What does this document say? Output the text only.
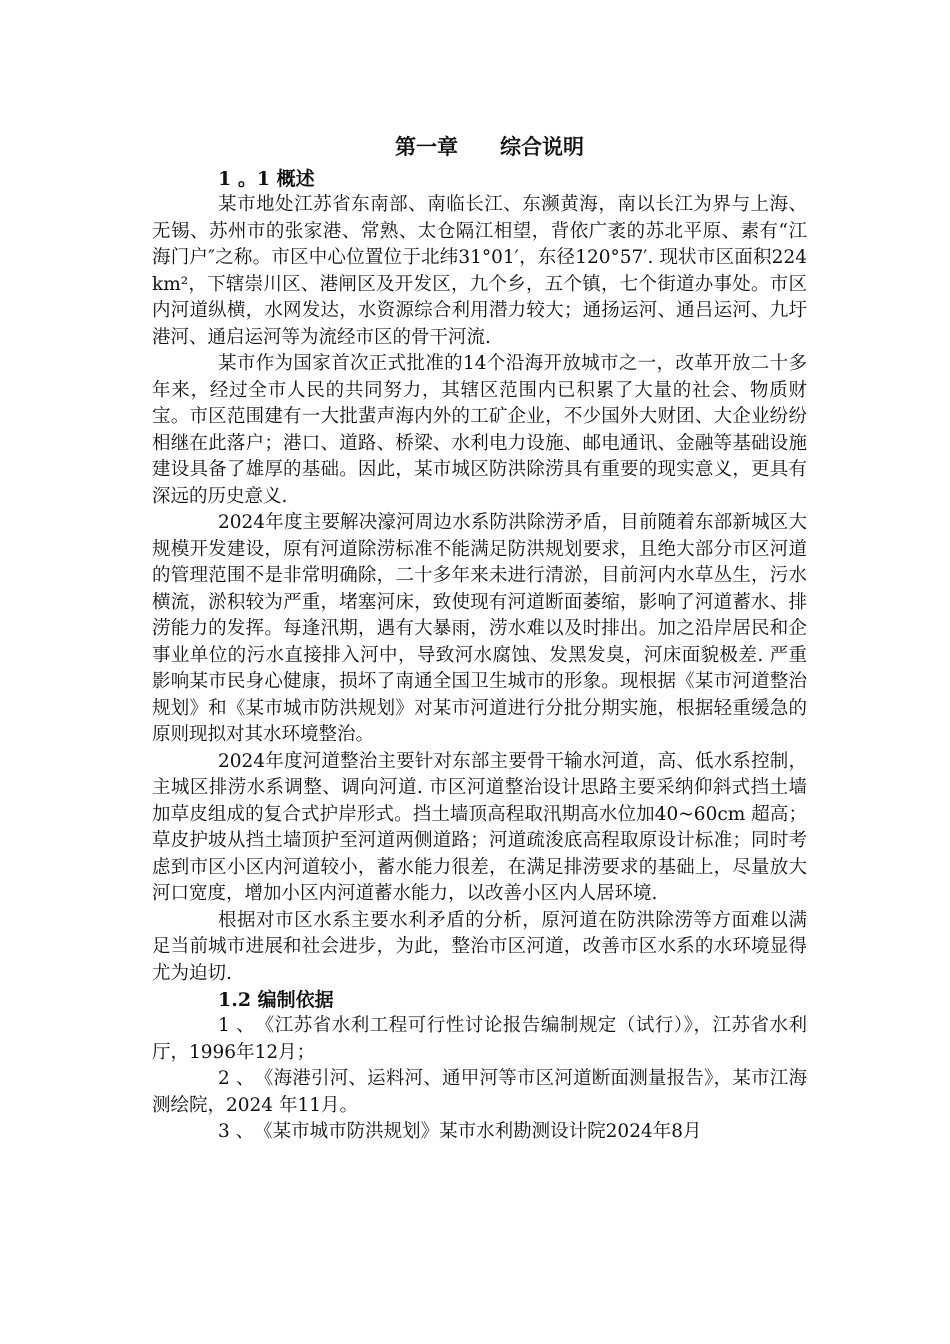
第一章　　综合说明
1 。1 概述

某市地处江苏省东南部、南临长江、东濒黄海，南以长江为界与上海、无锡、苏州市的张家港、常熟、太仓隔江相望，背依广袤的苏北平原、素有“江海门户″之称。市区中心位置位于北纬31°01′，东径120°57′. 现状市区面积224km²，下辖崇川区、港闸区及开发区，九个乡，五个镇，七个街道办事处。市区内河道纵横，水网发达，水资源综合利用潜力较大；通扬运河、通吕运河、九圩港河、通启运河等为流经市区的骨干河流.

某市作为国家首次正式批准的14个沿海开放城市之一，改革开放二十多年来，经过全市人民的共同努力，其辖区范围内已积累了大量的社会、物质财宝。市区范围建有一大批蜚声海内外的工矿企业，不少国外大财团、大企业纷纷相继在此落户；港口、道路、桥梁、水利电力设施、邮电通讯、金融等基础设施建设具备了雄厚的基础。因此，某市城区防洪除涝具有重要的现实意义，更具有深远的历史意义.

2024年度主要解决濠河周边水系防洪除涝矛盾，目前随着东部新城区大规模开发建设，原有河道除涝标准不能满足防洪规划要求，且绝大部分市区河道的管理范围不是非常明确除，二十多年来未进行清淤，目前河内水草丛生，污水横流，淤积较为严重，堵塞河床，致使现有河道断面萎缩，影响了河道蓄水、排涝能力的发挥。每逢汛期，遇有大暴雨，涝水难以及时排出。加之沿岸居民和企事业单位的污水直接排入河中，导致河水腐蚀、发黑发臭，河床面貌极差. 严重影响某市民身心健康，损坏了南通全国卫生城市的形象。现根据《某市河道整治规划》和《某市城市防洪规划》对某市河道进行分批分期实施，根据轻重缓急的原则现拟对其水环境整治。

2024年度河道整治主要针对东部主要骨干输水河道，高、低水系控制，主城区排涝水系调整、调向河道. 市区河道整治设计思路主要采纳仰斜式挡土墙加草皮组成的复合式护岸形式。挡土墙顶高程取汛期高水位加40~60cm 超高；草皮护坡从挡土墙顶护至河道两侧道路；河道疏浚底高程取原设计标准；同时考虑到市区小区内河道较小，蓄水能力很差，在满足排涝要求的基础上，尽量放大河口宽度，增加小区内河道蓄水能力，以改善小区内人居环境.

根据对市区水系主要水利矛盾的分析，原河道在防洪除涝等方面难以满足当前城市进展和社会进步，为此，整治市区河道，改善市区水系的水环境显得尤为迫切.

1.2 编制依据

1 、　《江苏省水利工程可行性讨论报告编制规定（试行）》，江苏省水利厅，1996年12月；

2 、　《海港引河、运料河、通甲河等市区河道断面测量报告》，某市江海测绘院，2024 年11月。

3 、　《某市城市防洪规划》某市水利勘测设计院2024年8月
